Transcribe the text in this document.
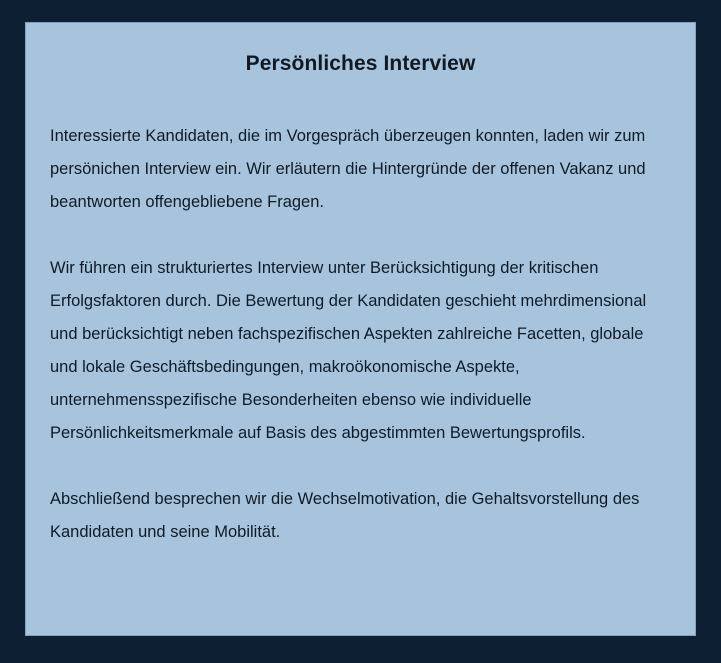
Persönliches Interview

Interessierte Kandidaten, die im Vorgespräch überzeugen konnten, laden wir zum persönichen Interview ein. Wir erläutern die Hintergründe der offenen Vakanz und beantworten offengebliebene Fragen.

Wir führen ein strukturiertes Interview unter Berücksichtigung der kritischen Erfolgsfaktoren durch. Die Bewertung der Kandidaten geschieht mehrdimensional und berücksichtigt neben fachspezifischen Aspekten zahlreiche Facetten, globale und lokale Geschäftsbedingungen, makroökonomische Aspekte, unternehmensspezifische Besonderheiten ebenso wie individuelle Persönlichkeitsmerkmale auf Basis des abgestimmten Bewertungsprofils.

Abschließend besprechen wir die Wechselmotivation, die Gehaltsvorstellung des Kandidaten und seine Mobilität.
